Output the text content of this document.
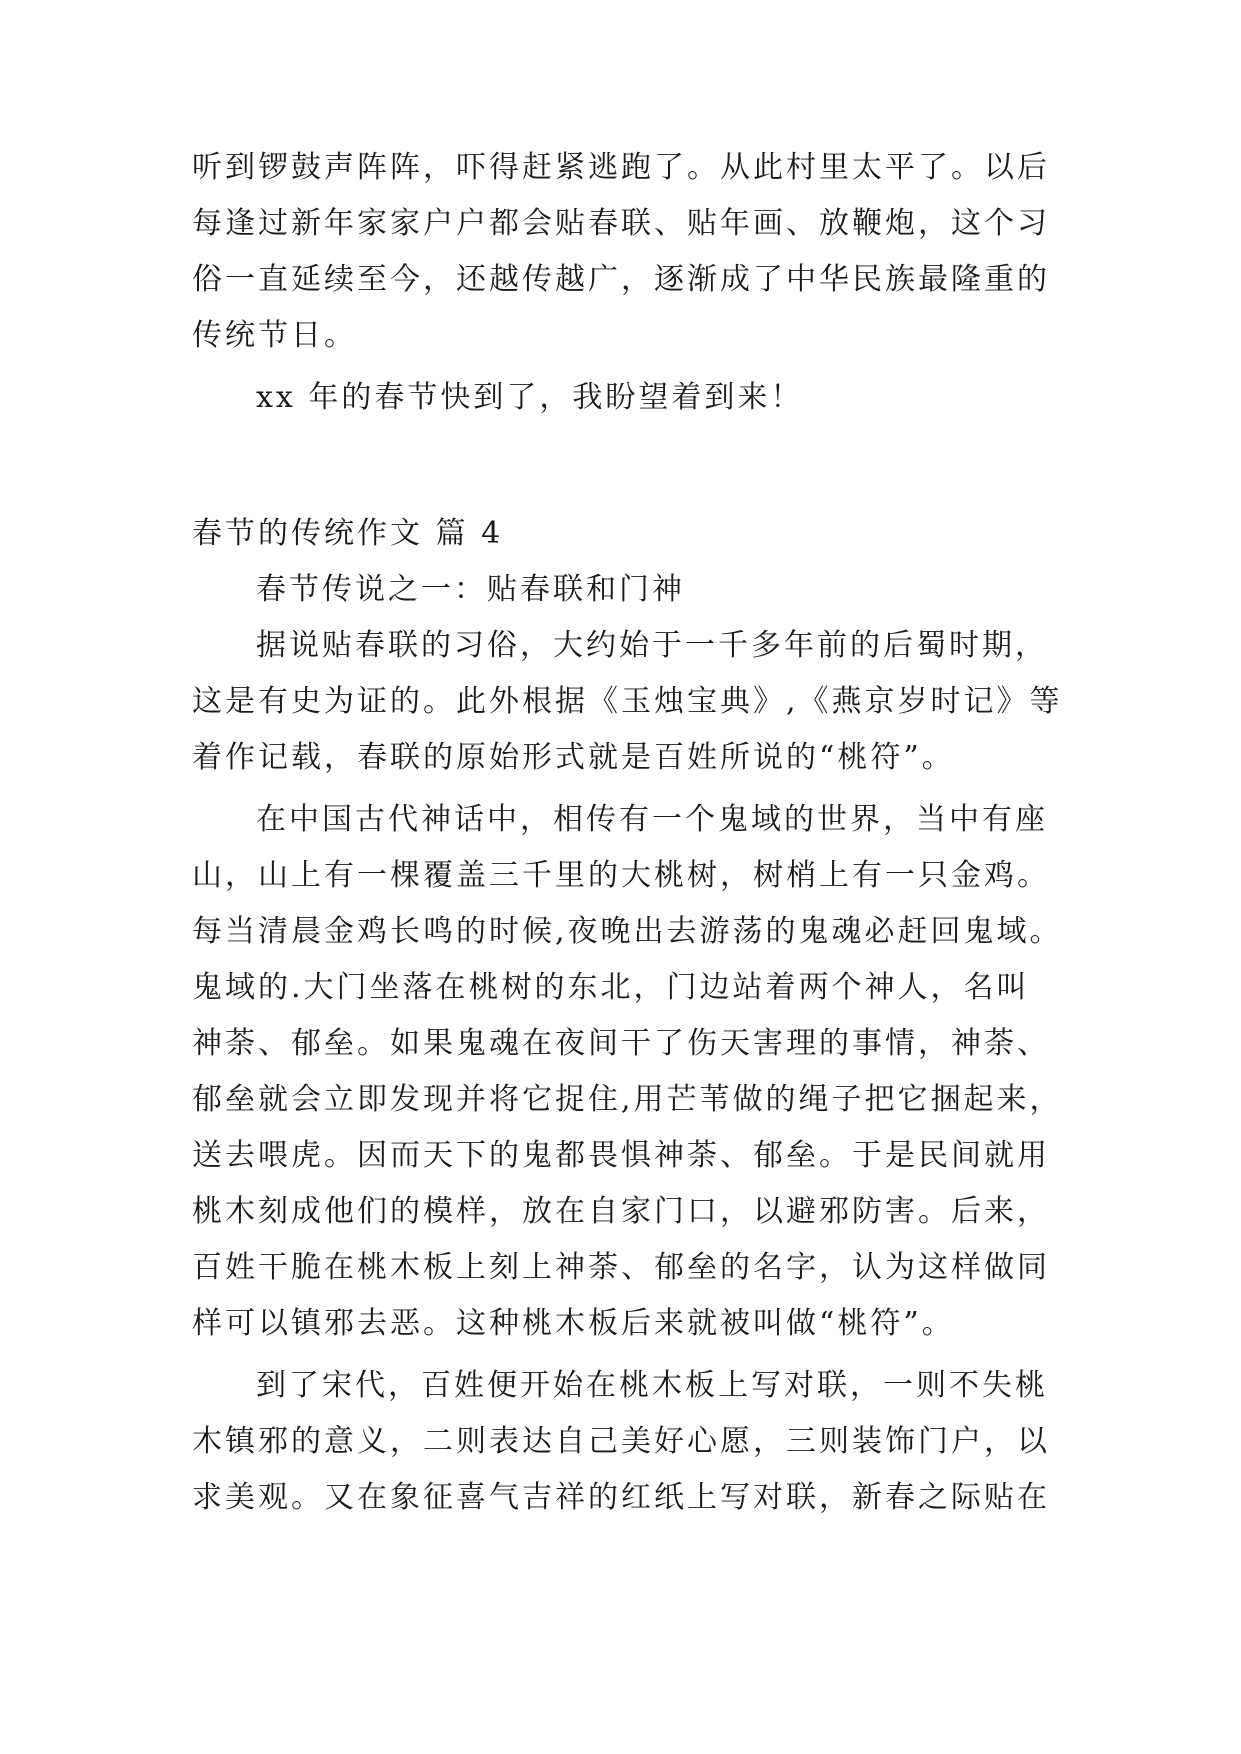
听到锣鼓声阵阵，吓得赶紧逃跑了。从此村里太平了。以后
每逢过新年家家户户都会贴春联、贴年画、放鞭炮，这个习
俗一直延续至今，还越传越广，逐渐成了中华民族最隆重的
传统节日。
xx 年的春节快到了，我盼望着到来！
春节的传统作文 篇 4
春节传说之一：贴春联和门神
据说贴春联的习俗，大约始于一千多年前的后蜀时期，
这是有史为证的。此外根据《玉烛宝典》,《燕京岁时记》等
着作记载，春联的原始形式就是百姓所说的“桃符”。
在中国古代神话中，相传有一个鬼域的世界，当中有座
山，山上有一棵覆盖三千里的大桃树，树梢上有一只金鸡。
每当清晨金鸡长鸣的时候,夜晚出去游荡的鬼魂必赶回鬼域。
鬼域的.大门坐落在桃树的东北，门边站着两个神人，名叫
神荼、郁垒。如果鬼魂在夜间干了伤天害理的事情，神荼、
郁垒就会立即发现并将它捉住,用芒苇做的绳子把它捆起来，
送去喂虎。因而天下的鬼都畏惧神荼、郁垒。于是民间就用
桃木刻成他们的模样，放在自家门口，以避邪防害。后来，
百姓干脆在桃木板上刻上神荼、郁垒的名字，认为这样做同
样可以镇邪去恶。这种桃木板后来就被叫做“桃符”。
到了宋代，百姓便开始在桃木板上写对联，一则不失桃
木镇邪的意义，二则表达自己美好心愿，三则装饰门户，以
求美观。又在象征喜气吉祥的红纸上写对联，新春之际贴在
